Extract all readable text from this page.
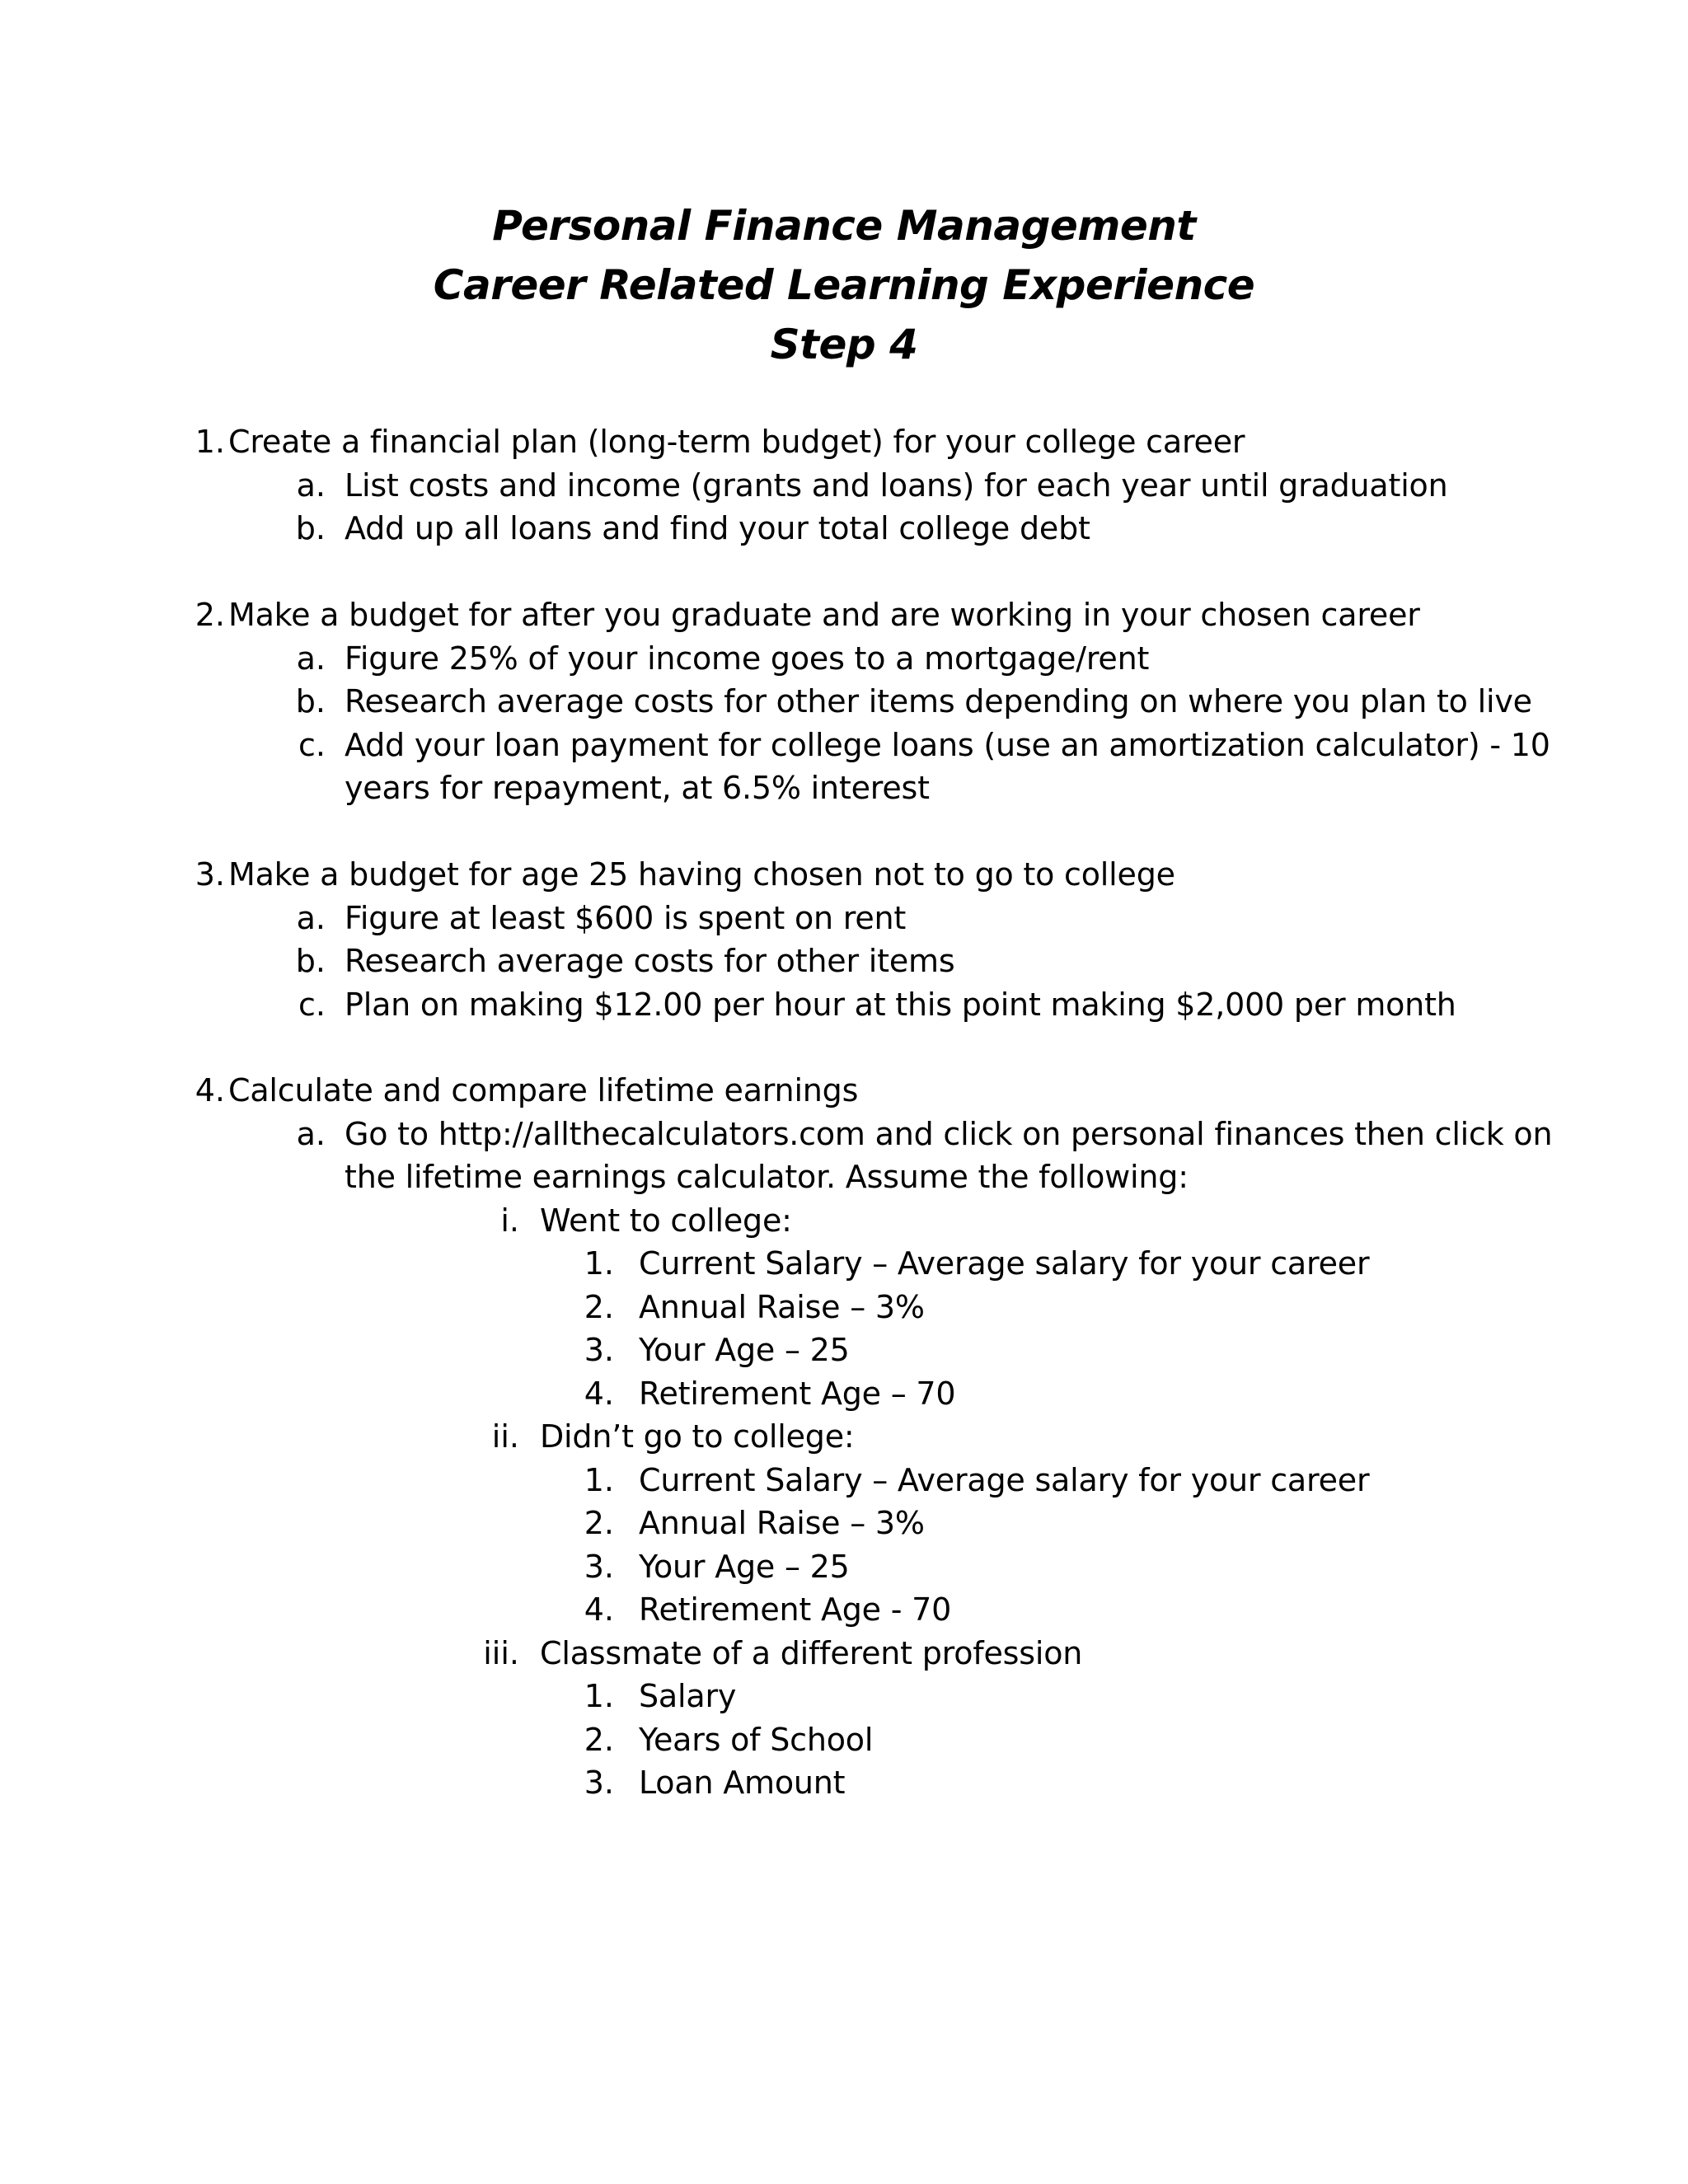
Personal Finance Management
Career Related Learning Experience
Step 4
1. Create a financial plan (long-term budget) for your college career
a. List costs and income (grants and loans) for each year until graduation
b. Add up all loans and find your total college debt
2. Make a budget for after you graduate and are working in your chosen career
a. Figure 25% of your income goes to a mortgage/rent
b. Research average costs for other items depending on where you plan to live
c. Add your loan payment for college loans (use an amortization calculator) - 10
years for repayment, at 6.5% interest
3. Make a budget for age 25 having chosen not to go to college
a. Figure at least $600 is spent on rent
b. Research average costs for other items
c. Plan on making $12.00 per hour at this point making $2,000 per month
4. Calculate and compare lifetime earnings
a. Go to http://allthecalculators.com and click on personal finances then click on
the lifetime earnings calculator. Assume the following:
i. Went to college:
1. Current Salary – Average salary for your career
2. Annual Raise – 3%
3. Your Age – 25
4. Retirement Age – 70
ii. Didn’t go to college:
1. Current Salary – Average salary for your career
2. Annual Raise – 3%
3. Your Age – 25
4. Retirement Age - 70
iii. Classmate of a different profession
1. Salary
2. Years of School
3. Loan Amount
